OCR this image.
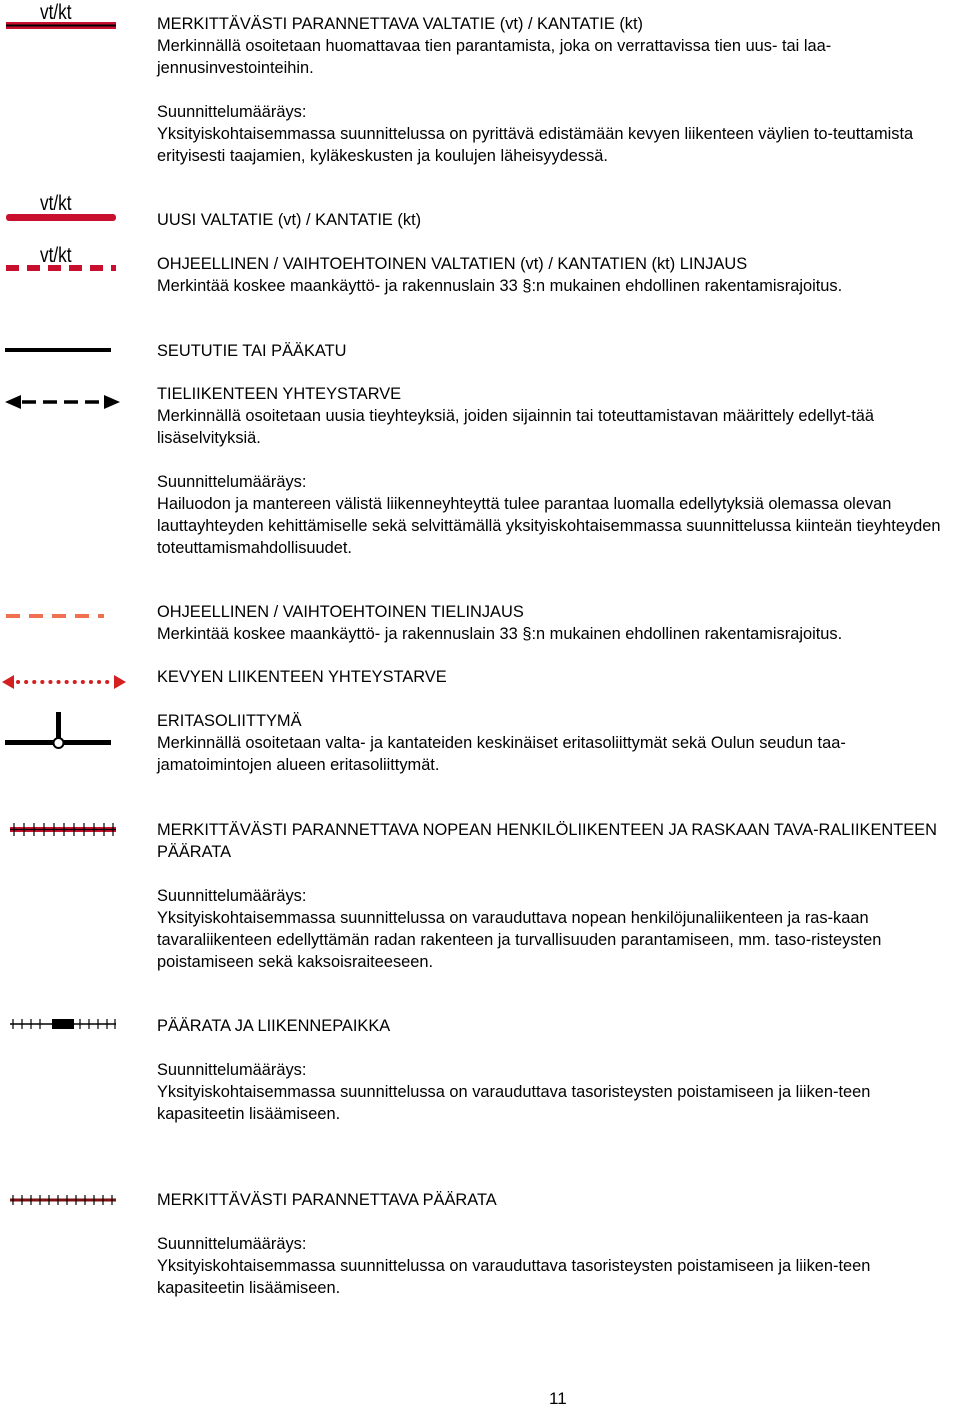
vt/kt	MERKITTÄVÄSTI PARANNETTAVA VALTATIE (vt) / KANTATIE (kt)
Merkinnällä osoitetaan huomattavaa tien parantamista, joka on verrattavissa tien uus- tai laa-jennusinvestointeihin.
Suunnittelumääräys:
Yksityiskohtaisemmassa suunnittelussa on pyrittävä edistämään kevyen liikenteen väylien to-teuttamista erityisesti taajamien, kyläkeskusten ja koulujen läheisyydessä.
vt/kt
UUSI VALTATIE (vt) / KANTATIE (kt)
vt/kt	OHJEELLINEN / VAIHTOEHTOINEN VALTATIEN (vt) / KANTATIEN (kt) LINJAUS
Merkintää koskee maankäyttö- ja rakennuslain 33 §:n mukainen ehdollinen rakentamisrajoitus.
SEUTUTIE TAI PÄÄKATU
TIELIIKENTEEN YHTEYSTARVE
Merkinnällä osoitetaan uusia tieyhteyksiä, joiden sijainnin tai toteuttamistavan määrittely edellyt-tää lisäselvityksiä.
Suunnittelumääräys:
Hailuodon ja mantereen välistä liikenneyhteyttä tulee parantaa luomalla edellytyksiä olemassa olevan lauttayhteyden kehittämiselle sekä selvittämällä yksityiskohtaisemmassa suunnittelussa kiinteän tieyhteyden toteuttamismahdollisuudet.
OHJEELLINEN / VAIHTOEHTOINEN TIELINJAUS
Merkintää koskee maankäyttö- ja rakennuslain 33 §:n mukainen ehdollinen rakentamisrajoitus.
KEVYEN LIIKENTEEN YHTEYSTARVE
ERITASOLIITTYMÄ
Merkinnällä osoitetaan valta- ja kantateiden keskinäiset eritasoliittymät sekä Oulun seudun taa-jamatoimintojen alueen eritasoliittymät.
MERKITTÄVÄSTI PARANNETTAVA NOPEAN HENKILÖLIIKENTEEN JA RASKAAN TAVA-RALIIKENTEEN PÄÄRATA
Suunnittelumääräys:
Yksityiskohtaisemmassa suunnittelussa on varauduttava nopean henkilöjunaliikenteen ja ras-kaan tavaraliikenteen edellyttämän radan rakenteen ja turvallisuuden parantamiseen, mm. taso-risteysten poistamiseen sekä kaksoisraiteeseen.
PÄÄRATA JA LIIKENNEPAIKKA
Suunnittelumääräys:
Yksityiskohtaisemmassa suunnittelussa on varauduttava tasoristeysten poistamiseen ja liiken-teen kapasiteetin lisäämiseen.
MERKITTÄVÄSTI PARANNETTAVA PÄÄRATA
Suunnittelumääräys:
Yksityiskohtaisemmassa suunnittelussa on varauduttava tasoristeysten poistamiseen ja liiken-teen kapasiteetin lisäämiseen.
11
